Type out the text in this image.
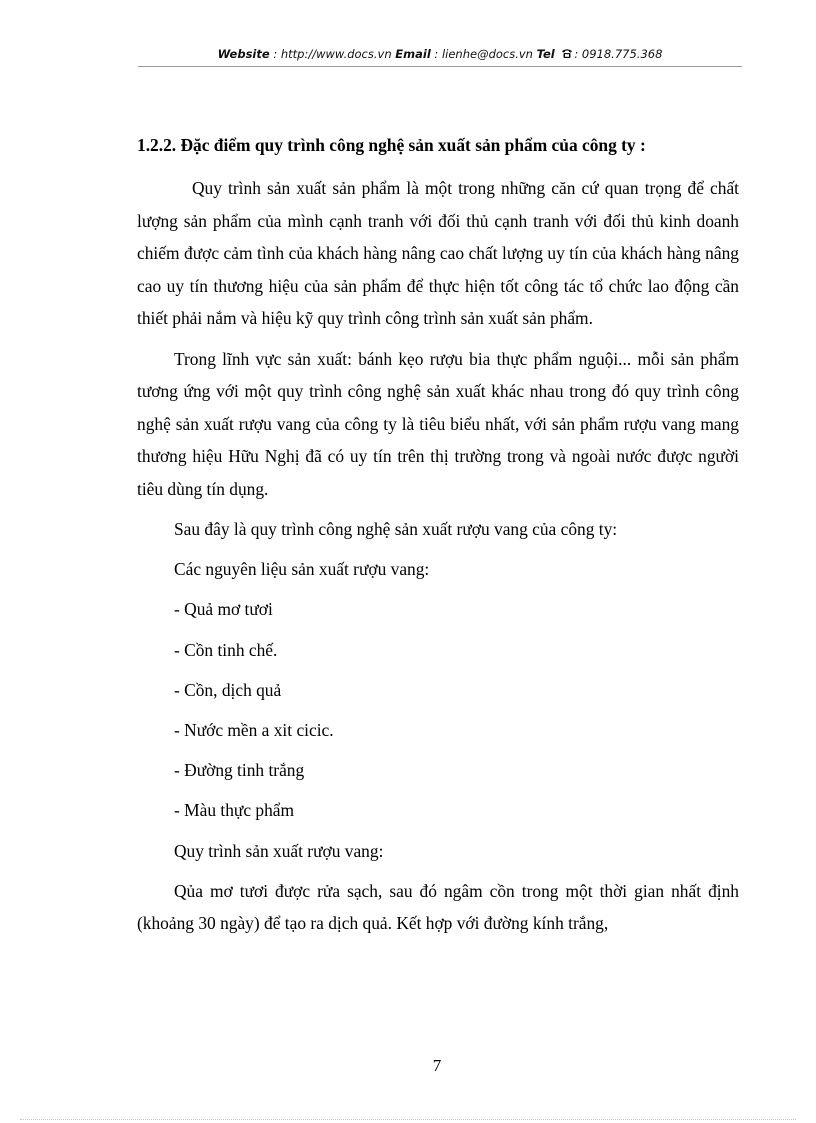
Website : http://www.docs.vn Email : lienhe@docs.vn Tel : 0918.775.368

1.2.2. Đặc điểm quy trình công nghệ sản xuất sản phẩm của công ty :

Quy trình sản xuất sản phẩm là một trong những căn cứ quan trọng để chất lượng sản phẩm của mình cạnh tranh với đối thủ cạnh tranh với đối thủ kinh doanh chiếm được cảm tình của khách hàng nâng cao chất lượng uy tín của khách hàng nâng cao uy tín thương hiệu của sản phẩm để thực hiện tốt công tác tổ chức lao động cần thiết phải nắm và hiệu kỹ quy trình công trình sản xuất sản phẩm.

Trong lĩnh vực sản xuất: bánh kẹo rượu bia thực phẩm nguội... mỗi sản phẩm tương ứng với một quy trình công nghệ sản xuất khác nhau trong đó quy trình công nghệ sản xuất rượu vang của công ty là tiêu biểu nhất, với sản phẩm rượu vang mang thương hiệu Hữu Nghị đã có uy tín trên thị trường trong và ngoài nước được người tiêu dùng tín dụng.

Sau đây là quy trình công nghệ sản xuất rượu vang của công ty:

Các nguyên liệu sản xuất rượu vang:

- Quả mơ tươi

- Cồn tinh chế.

- Cồn, dịch quả

- Nước mền a xit cicic.

- Đường tinh trắng

- Màu thực phẩm

Quy trình sản xuất rượu vang:

Qủa mơ tươi được rửa sạch, sau đó ngâm cồn trong một thời gian nhất định (khoảng 30 ngày) để tạo ra dịch quả. Kết hợp với đường kính trắng,

7
